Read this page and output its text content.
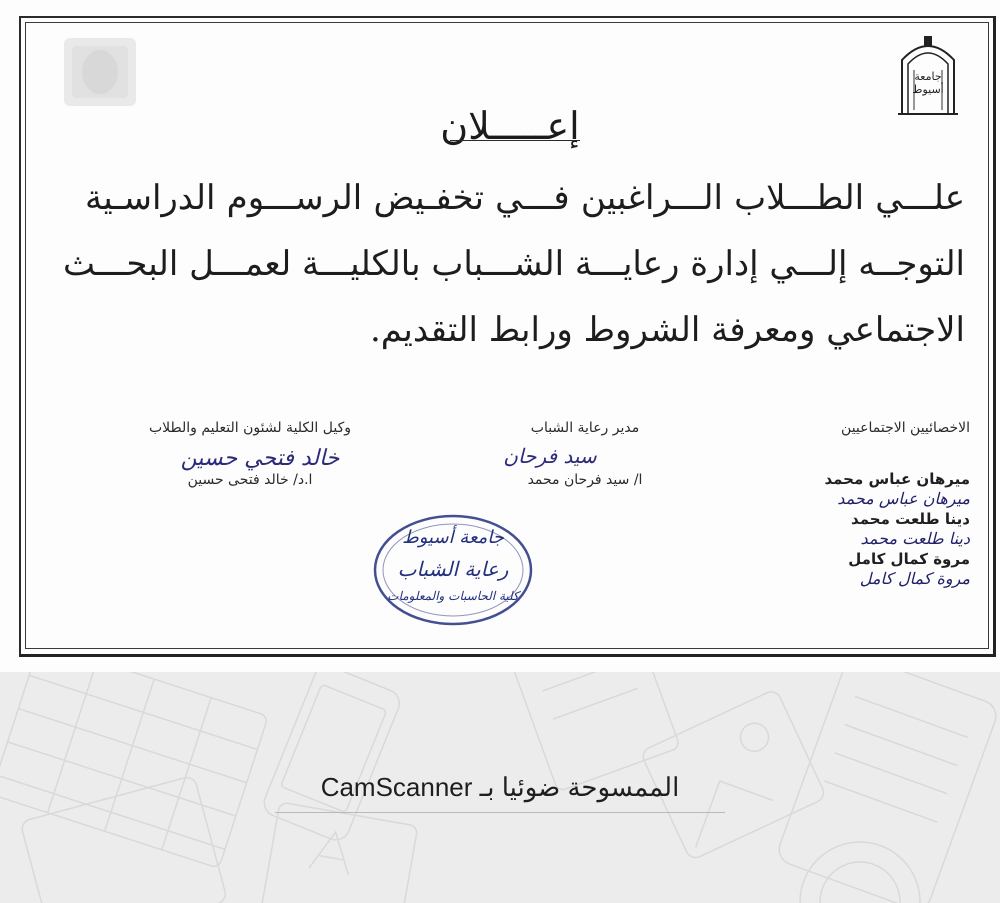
جامعة أسيوط
إعـــــلان
علـــي الطـــلاب الـــراغبين فـــي تخفـيض الرســـوم الدراسـية
التوجــه إلـــي إدارة رعايـــة الشـــباب بالكليـــة لعمـــل البحـــث
الاجتماعي ومعرفة الشروط ورابط التقديم.
الاخصائيين الاجتماعيين
مدير رعاية الشباب
ا/ سيد فرحان محمد
سيد فرحان
وكيل الكلية لشئون التعليم والطلاب
ا.د/ خالد فتحى حسين
خالد فتحي حسين
ميرهان عباس محمد
ميرهان عباس محمد
دينا طلعت محمد
دينا طلعت محمد
مروة كمال كامل
مروة كمال كامل
جامعة أسيوط
رعاية الشباب
كلية الحاسبات والمعلومات
الممسوحة ضوئيا بـ CamScanner
